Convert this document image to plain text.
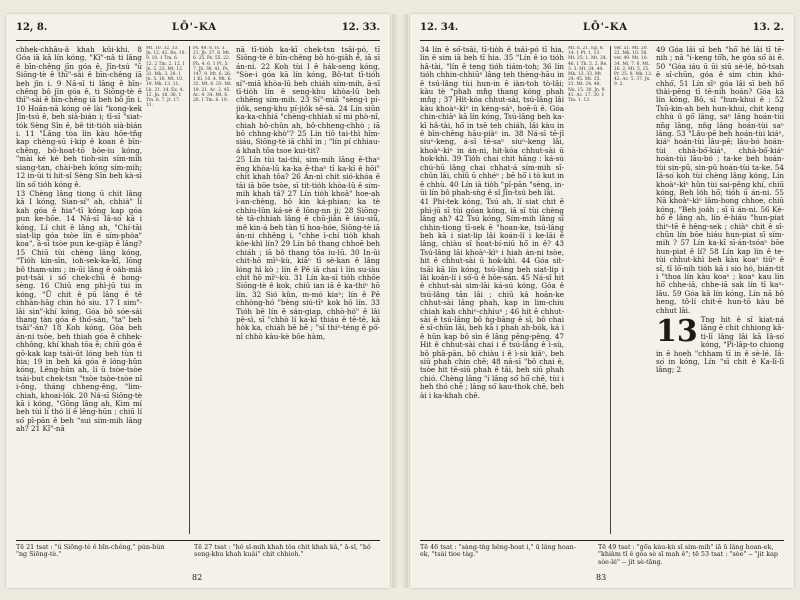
12, 8.	LŌ'-KA	12. 33.

chhek-chhâu-â khah kûi-khi. 8 Góa iā kā lín kóng, "Kî"-nâ ti lâng ê bīn-chêng jīn góa ê, Jîn-tsú "ū Siōng-tè ê thī"-sài ê bīn-chêng iā beh jīn i. 9 Nā-sī ti lâng ê bīn-chêng bô jīn góa ê, ti Siōng-tè ê thī"-sài ê bīn-chêng iā beh bô jīn i. 10 Hoân-nā kóng oē lài "kong-kek Jîn-tsú ê, beh sià-bián i; tī-sī "siat-tók Sèng Sîn ê, bē tit-tio̍h sià-bián i. 11 "Lâng tòa lín kàu hōe-tn̂g kap chèng-sū í-kip ê koan ê bīn-chêng, bô-hoat-tō bōe-iu kóng, "mài ké kè beh tioh-sin sím-mih siang-tan, chài-beh kóng sím-mih; 12 in-ūi ti hit-sî Sèng Sîn beh kà-sī lín só͘ tio̍h kóng ê.

13 Chèng lâng tiong ū chit lâng kā I kóng, Sian-sí" ah, chhiá" lí kah góa ê hia"-tī kóng kap góa pun ke-hōe. 14 Ná-sī Iâ-so͘ kā i kóng, Lí chit ê lâng ah, "Chí-tāi siat-lip góa tsòe lín ê sím-phòa" koa", ā-sī tsòe pun ke-giàp ê lâng? 15 Chiū tùi chèng lâng kóng, "Tio̍h kín-sīn, ioh-sek-ka-kî, lōng bô tham-sim ; in-ūi lâng ê oa̍h-miā put-tsāi i só͘ chek-chū ê hong-sèng. 16 Chiū eng phì-jū tùi in kóng, "Ū chit ê pū lâng ê tē chhàn-hāg chin hó siu. 17 I sim"-lāi sin"-khí kóng, Góa bô sóe-sái thang tàn góa ê thó͘-sán, "ta" beh tsâi"-án? 18 Koh kóng, Góa beh án-ni tsòe, beh thiah góa ê chhek-chhông, khí khah tōa ê; chiū góa ê gō-kak kap tsài-ūt lóng beh tùn ti hia; 19 in beh kā góa ê lóng-hūn kóng, Lêng-hūn ah, lí ū tsòe-tsòe tsài-but chek-tsn "tsòe tsòe-tsòe nî i-ōng, tháng chheng-êng, "lim-chiah, khoai-lók. 20 Ná-sī Siōng-tè kā i kóng, "Gōng lâng ah, Kim mí beh tùi lí thó lí ê lêng-hūn ; chiū lí só͘ pī-pān ê beh "sui sím-mih lâng ah? 21 Kî"-nā

Mt. 10. 32, 33. Jn. 12. 42. Ro. 10. 9, 10. 1 Tm. 6. 12. 2 Tm. 2. 12. 1 Jn. 2. 23. Mt. 12. 32. Mk. 3. 28. 1 Jn. 5. 16. Mt. 10. 19. Mk. 13. 11. Lk. 21. 14. Ex. 4. 12. Jn. 18. 36. 1 Tm. 6. 7. Jr. 17. 11.
Ps. 49. 6. Is. 3. 21. Jb. 27. 8. Mt. 6. 25. Ps. 55. 22. Ph. 4. 6. 1 Pt. 5. 7. Jb. 38. 41. Ps. 147. 9. Mt. 6. 26. 1 Ki. 10. 4. Mt. 6. 32. Mt. 6. 33. Mt. 19. 21. Ac. 2. 45. Ac. 4. 34. Mt. 6. 20. 1 Tm. 6. 19.

nā tī-tio̍h ka-kī chek-tsn tsâi-pó, tī Siōng-tè ê bīn-chêng bô hó-giâh ê, iā sī án-ni. 22 Koh tùi I ê hák-seng kóng, "Sòe-i góa kā lín kóng, Bô-tat tī-tio̍h sí"-miā khòa-lū beh chiáh sím-mih, ā-sī tī-tio̍h lín ê seng-khu khòa-lū beh chhēng sím-mih. 23 Sí"-miā "sèng-ì pí-jió̍k, seng-khu pí-jió̍k sē-sà. 24 Lín siūn ka-ka-chhiá "chèng-chhiah sī mi phò-nî, chiah bô-chûn ah, bô-chheng-chhò ; iā bô chhng-khò"? 25 Lín tiō tai-thì hīm-siáu, Siōng-tè iā chhī in ; "lín pí chhiau-á khah tôa tsoe kui-tit?

25 Lín tùi tai-thì, sim-mih lâng ē-thaⁿ ēng khòa-lū ka-ka ē-thaⁿ tī ka-kī ê hōi" chit khah tôa? 26 Án-ni chit sió-khóa ê tāi iā bōe tsòe, sī tit-tio̍h khòa-lū ê sím-mih khah tâ? 27 Lín tio̍h khoâ" hoe-ah ì-an-chèng, bô kin ká-phian; ka tè chhiu-lûn ká-sè ê lōng-nn ji; 28 Siōng-tè tâ-chhiah lâng ê chū-jiân ê iáu-siū, mê kin-á beh tàn tī hoa-hóe, Siōng-tè iā án-ni chhēng i, "chhe ì-chí tio̍h khah kòe-khì lín? 29 Lín bô thang chhoē beh chiáh ; iā bô thang tōa iu-lū. 30 In-ūi chit-hō mīⁿ-kù, kiāⁿ tī sè-kan ê lâng lóng hì kò ; lín ê Pē iā chai ì lín su-iàu chit hō mīⁿ-kù. 31 Lín ka-sī tio̍h chhōe Siōng-tè ê kok, chiū ian iā ē ka-thiⁿ hō lín. 32 Sió kûn, m-mó kiaⁿ; lín ê Pē chhòng-hó "bèng siú-tīⁿ kok hō lín. 33 Tio̍h bē lín ê sán-giap, chhò-hó" ê lâi pē-sì, sī "chhò lí ka-kī thiáu ê tē-tē, kā ho̍k ka, chiáh bē bē ; "sī thiⁿ-téng ê pó͘-nî chhò kàu-kè bōe hàm,

Tē 21 tsat : "û Siōng-tè ê bīn-chêng," pún-bûn "ng Siōng-tè." Tē 27 tsat : "hô sî-mih khah tôa chit khah kâ," ā-sī, "hô seng-khu khah kuâi" chit chhioh."
82
12. 34.	LŌ'-KA	13. 2.

34 lín ê só͘-tsāi, tī-tio̍h ê tsâi-pó tī hia, lín ê sim iā beh tī hia. 35 "Lín ê io tio̍h hâ-tài, "lín ê teng tio̍h tiám-toh; 36 lín tio̍h chhin-chhiūⁿ lâng teh thèng-hāu in ê tsú-lâng tùi hun-in ê iàn-toh tò-lâi; kàu tè "phah mn̂g thang kóng phah mn̂g ; 37 Hit-kóa chhut-sài, tsú-lâng lâi kàu khoàⁿ-kìⁿ in kéng-sáⁿ, hoē-ū ê. Góa chin-chiàⁿ kā lín kóng, Tsú-lâng beh ka-kī hâ-tài, hō͘ in tsē teh chiáh, lâi kàu in ê bīn-chêng hāu-piàⁿ in. 38 Ná-sī tē-jī siuⁿ-keng, á-sī tē-saⁿ siuⁿ-keng lâi, khoàⁿ-kìⁿ in án-ni, hit-kóa chhut-sài ū hok-khì. 39 Tio̍h chai chit hāng : ká-sú chú-hū lâng chai chhat-á sím-mih sî-chūn lâi, chiū ū chhéⁿ ; bē hō͘ i tò kut in ê chhù. 40 Lín iā tio̍h "pī-pān "sèng, in-ūi lín bô phah-sǹg ê sî Jîn-tsú beh lâi.

41 Phi-tek kóng, Tsú ah, lí siat chit ê phì-jū sī tùi góan kóng, iā sī tùi chèng lâng ah? 42 Tsú kóng, Sím-mih lâng sī chhin-tiong tī-sek ê "hoan-ke, tsú-lâng beh kā i siat-lip lâi koán-lí i ke-lāi ê lâng, chiàu sî hoat-bí-niū hō͘ in ê? 43 Tsú-lâng lâi khoàⁿ-kìⁿ i hiah án-ni tsòe, hit ê chhut-sài ū hok-khì. 44 Góa sit-tsāi kā lín kóng, tsú-lâng beh siat-lip i lâi koán-lí i só͘-ū ê hōe-sán. 45 Ná-sī hit ê chhut-sài sim-lāi ká-sú kóng, Góa ê tsú-lâng tân lâi ; chiū kā hoān-ke chhut-sài lâng phah, kap in lim-chiu chiah kah chhiⁿ-chhiuⁿ ; 46 hit ê chhut-sài ê tsú-lâng bô ǹg-bāng ê sî, bô chai ê sî-chūn lâi, beh kā i phah ah-bók, ká i ê hūn kap bô sìn ê lâng pêng-pêng. 47 Hit ê chhut-sài chai i ê tsú-lâng ê ì-sù, bô phā-pān, bô chiàu i ê ì-sù kiâⁿ, beh siū phah chin chē; 48 nā-sī "bô chai ê, tsòe hit tē-siū phah ê tāi, beh siū phah chió. Chèng lâng "í lâng só͘ hō͘ chē, tùi i beh thó chē ; lâng só͘ kau-thok chē, beh ài i ka-khah chē.

Mt. 6. 21. Ep. 6. 14. 1 Pt. 1. 13. Mt. 25. 1. Mt. 24. 46. 1 Th. 5. 2. Re. 3. 3. Mt. 24. 44. Mk. 13. 33. Mt. 24. 45. Mt. 25. 21. Mt. 24. 48. Nu. 15. 30. Jn. 9. 41. Ac. 17. 30. 1 Tm. 1. 13.
ver. 51. Mt. 20. 22. Mk. 10. 38. ver. 49. Mt. 10. 34. Mi. 7. 6. Mt. 16. 2. Mt. 5. 25. Pr. 25. 8. Mk. 12. 42. Ac. 5. 37. Jn. 9. 2.

49 Góa lâi sī beh "hō͘ hé lâi tī tē-nih ; nā "í-keng tō͘h, he góa só͘ ài ê. 50 "Góa iáu ū ūi siū sé-lé, bô-tsah ê sî-chūn, góa ê sim chin khó-chhó͘, 51 Lín sīⁿ góa lâi sī beh hō͘ thài-pêng tī tē-nih hoán? Góa kā lín kóng, Bô, sī "hun-khui ê : 52 Tsū-kin-ah beh hun-khui, chit keng chhù ū gō͘ lâng, saⁿ lâng hoán-tùi nn̄g lâng, nn̄g lâng hoán-tùi saⁿ lâng. 53 "Lâu-pē beh hoán-tùi kiáⁿ, kiáⁿ hoán-tùi lāu-pē; lāu-bó hoán-tùi chhà-bó͘-kiáⁿ, chhà-bó͘-kiáⁿ hoán-tùi lāu-bó ; ta-ke beh hoán-tùi sin-pū, sin-pū hoán-tùi ta-ke. 54 Iâ-so͘ koh tùi chèng lâng kóng, Lín khoàⁿ-kìⁿ hûn tùi sai-pêng khí, chiū kóng, Beh lo̍h hō͘; tio̍h ū án-ni. 55 Nā khoàⁿ-kìⁿ lâm-hong chhoe, chiū kóng, "Beh joa̍h ; sī ū án-ni. 56 Ké-hō͘ ê lâng ah, lín ē-hiáu "hun-piat thiⁿ-tē ê hêng-sek ; chiàⁿ chit ê sî-chūn lín bōe hiáu hun-piat sī sím-mih ? 57 Lín ka-kī sī-án-tsóaⁿ bōe hun-piat ê lí? 58 Lín kap lín ê te-tùi chhut-khì beh kàu koaⁿ tiūⁿ ê sî, tī lō͘-nih tio̍h kā i sio hó, bián-tit i "thoa lín kàu koaⁿ ; koaⁿ kau lín hō͘ chhe-iā, chhe-iā sak lín tī kaⁿ-lāu. 59 Góa kā lín kóng, Lín nā bô heng, tô-lí chit-ē hun-tō kàu bē chhut lâi.

13 Tng hit ê sî kiat-ná lâng ē chit chhiong kâ-ti-lī lâng lâi kā Iâ-so͘ kóng, "Pi-lâp-to chiong in ê hoeh "chham tī in ê sè-lé. Iâ-so͘ in kóng, Lín "sī chit ê Ka-lī-lī lâng; 2

Tē 46 tsat : "sàng-tǹg hêng-hoat i," ū lâng hoan-ek, "tsài tioe tàg." Tē 49 tsat : "gō͘a kàu-kù sī sím-mih" iā ū lâng hoan-ek, "khiàm tī ê góa sè sī mah ê"; tē 53 tsat : "sòe" -- "jit kap sòe-lé" -- jit sè-tāng.
83
